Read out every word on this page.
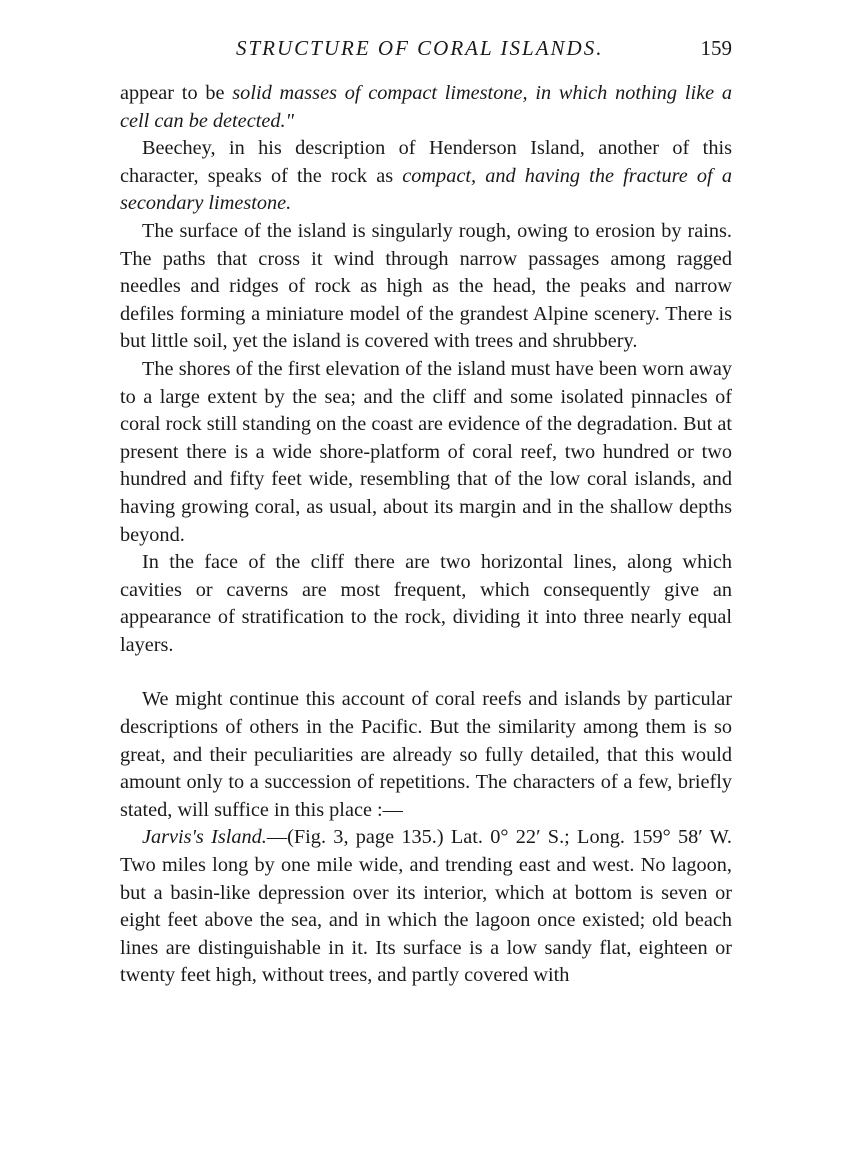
STRUCTURE OF CORAL ISLANDS.	159

appear to be solid masses of compact limestone, in which nothing like a cell can be detected."

Beechey, in his description of Henderson Island, another of this character, speaks of the rock as compact, and having the fracture of a secondary limestone.

The surface of the island is singularly rough, owing to erosion by rains. The paths that cross it wind through narrow passages among ragged needles and ridges of rock as high as the head, the peaks and narrow defiles forming a miniature model of the grandest Alpine scenery. There is but little soil, yet the island is covered with trees and shrubbery.

The shores of the first elevation of the island must have been worn away to a large extent by the sea; and the cliff and some isolated pinnacles of coral rock still standing on the coast are evidence of the degradation. But at present there is a wide shore-platform of coral reef, two hundred or two hundred and fifty feet wide, resembling that of the low coral islands, and having growing coral, as usual, about its margin and in the shallow depths beyond.

In the face of the cliff there are two horizontal lines, along which cavities or caverns are most frequent, which consequently give an appearance of stratification to the rock, dividing it into three nearly equal layers.

We might continue this account of coral reefs and islands by particular descriptions of others in the Pacific. But the similarity among them is so great, and their peculiarities are already so fully detailed, that this would amount only to a succession of repetitions. The characters of a few, briefly stated, will suffice in this place :—

Jarvis's Island.—(Fig. 3, page 135.) Lat. 0° 22′ S.; Long. 159° 58′ W. Two miles long by one mile wide, and trending east and west. No lagoon, but a basin-like depression over its interior, which at bottom is seven or eight feet above the sea, and in which the lagoon once existed; old beach lines are distinguishable in it. Its surface is a low sandy flat, eighteen or twenty feet high, without trees, and partly covered with
